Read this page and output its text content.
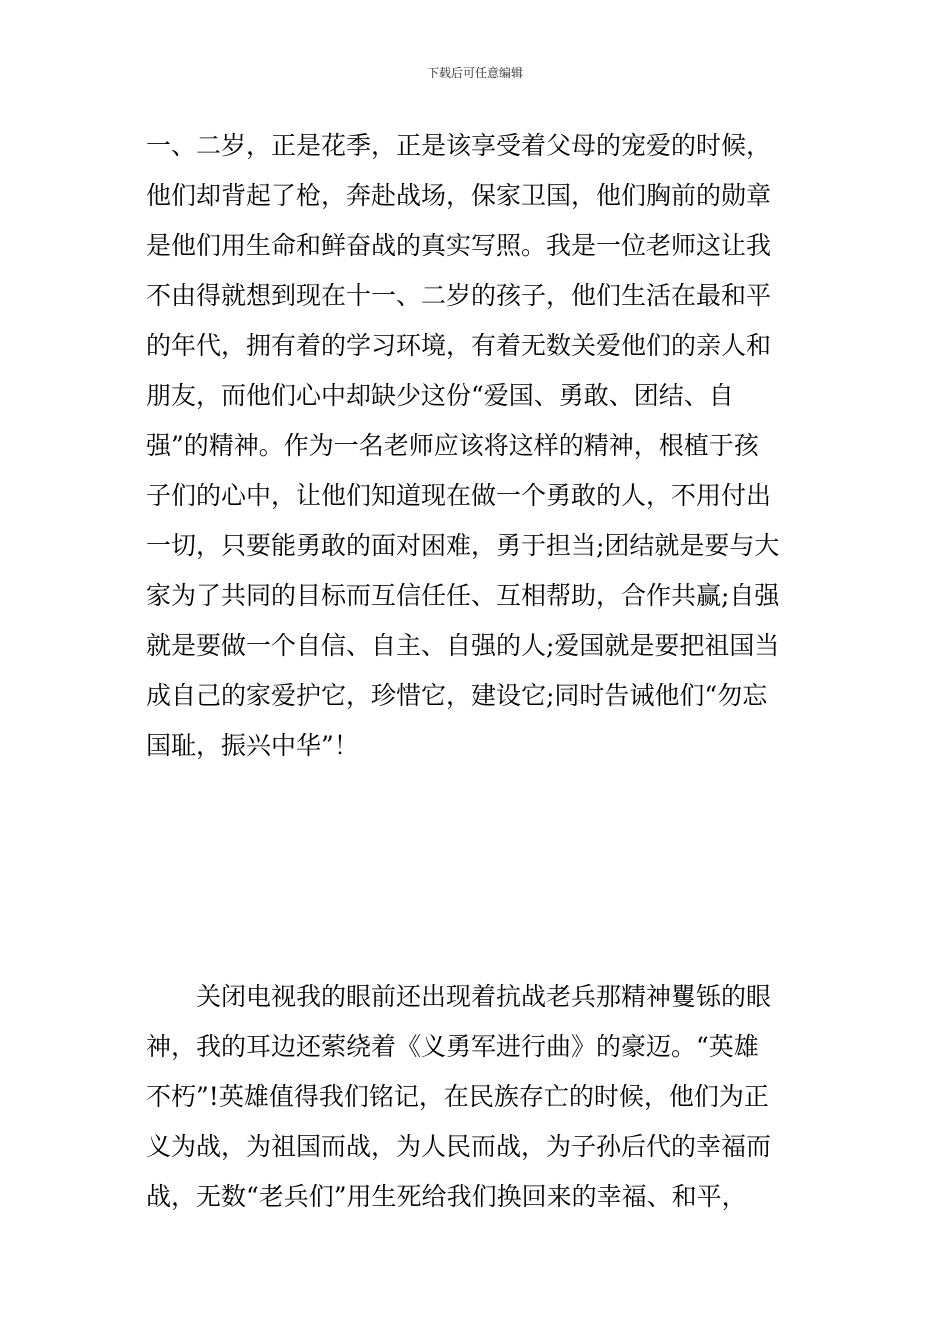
下载后可任意编辑
一、二岁，正是花季，正是该享受着父母的宠爱的时候，
他们却背起了枪，奔赴战场，保家卫国，他们胸前的勋章
是他们用生命和鲜奋战的真实写照。我是一位老师这让我
不由得就想到现在十一、二岁的孩子，他们生活在最和平
的年代，拥有着的学习环境，有着无数关爱他们的亲人和
朋友，而他们心中却缺少这份“爱国、勇敢、团结、自
强”的精神。作为一名老师应该将这样的精神，根植于孩
子们的心中，让他们知道现在做一个勇敢的人，不用付出
一切，只要能勇敢的面对困难，勇于担当;团结就是要与大
家为了共同的目标而互信任任、互相帮助，合作共赢;自强
就是要做一个自信、自主、自强的人;爱国就是要把祖国当
成自己的家爱护它，珍惜它，建设它;同时告诫他们“勿忘
国耻，振兴中华”！
关闭电视我的眼前还出现着抗战老兵那精神矍铄的眼
神，我的耳边还萦绕着《义勇军进行曲》的豪迈。“英雄
不朽”!英雄值得我们铭记，在民族存亡的时候，他们为正
义为战，为祖国而战，为人民而战，为子孙后代的幸福而
战，无数“老兵们”用生死给我们换回来的幸福、和平，
